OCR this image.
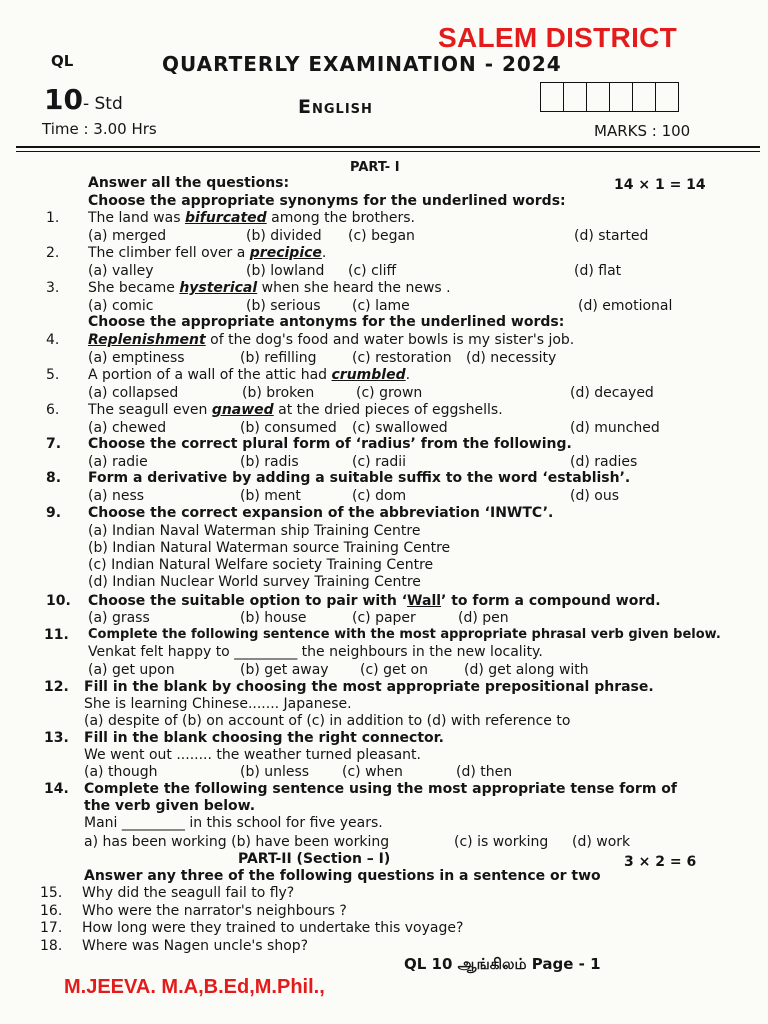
SALEM DISTRICT
QL	QUARTERLY EXAMINATION - 2024
10- Std	English
Time : 3.00 Hrs	MARKS : 100
PART- I
Answer all the questions:	14 × 1 = 14
Choose the appropriate synonyms for the underlined words:
1. The land was bifurcated among the brothers.
(a) merged	(b) divided (c) began	(d) started
2. The climber fell over a precipice.
(a) valley	(b) lowland (c) cliff	(d) flat
3. She became hysterical when she heard the news .
(a) comic	(b) serious (c) lame	(d) emotional
4. Replenishment of the dog's food and water bowls is my sister's job.
(a) emptiness	(b) refilling	(c) restoration (d) necessity
5. A portion of a wall of the attic had crumbled.
(a) collapsed	(b) broken	(c) grown	(d) decayed
6. The seagull even gnawed at the dried pieces of eggshells.
(a) chewed	(b) consumed (c) swallowed	(d) munched
7. Choose the correct plural form of ‘radius’ from the following.
(a) radie	(b) radis	(c) radii	(d) radies
8. Form a derivative by adding a suitable suffix to the word ‘establish’.
(a) ness	(b) ment	(c) dom	(d) ous
9. Choose the correct expansion of the abbreviation ‘INWTC’.
(a) Indian Naval Waterman ship Training Centre
(b) Indian Natural Waterman source Training Centre
(c) Indian Natural Welfare society Training Centre
(d) Indian Nuclear World survey Training Centre
10. Choose the suitable option to pair with ‘Wall’ to form a compound word.
(a) grass	(b) house	(c) paper	(d) pen
11. Complete the following sentence with the most appropriate phrasal verb given below.
Venkat felt happy to _________ the neighbours in the new locality.
(a) get upon	(b) get away (c) get on	(d) get along with
12. Fill in the blank by choosing the most appropriate prepositional phrase.
She is learning Chinese....... Japanese.
(a) despite of (b) on account of (c) in addition to (d) with reference to
13. Fill in the blank choosing the right connector.
We went out ........ the weather turned pleasant.
(a) though	(b) unless (c) when	(d) then
14. Complete the following sentence using the most appropriate tense form of
the verb given below.
Mani _________ in this school for five years.
a) has been working (b) have been working	(c) is working (d) work
Choose the appropriate antonyms for the underlined words:
PART-II (Section – I)	3 × 2 = 6
Answer any three of the following questions in a sentence or two
15. Why did the seagull fail to fly?
16. Who were the narrator's neighbours ?
17. How long were they trained to undertake this voyage?
18. Where was Nagen uncle's shop?
QL 10 ஆங்கிலம் Page - 1
M.JEEVA. M.A,B.Ed,M.Phil.,
